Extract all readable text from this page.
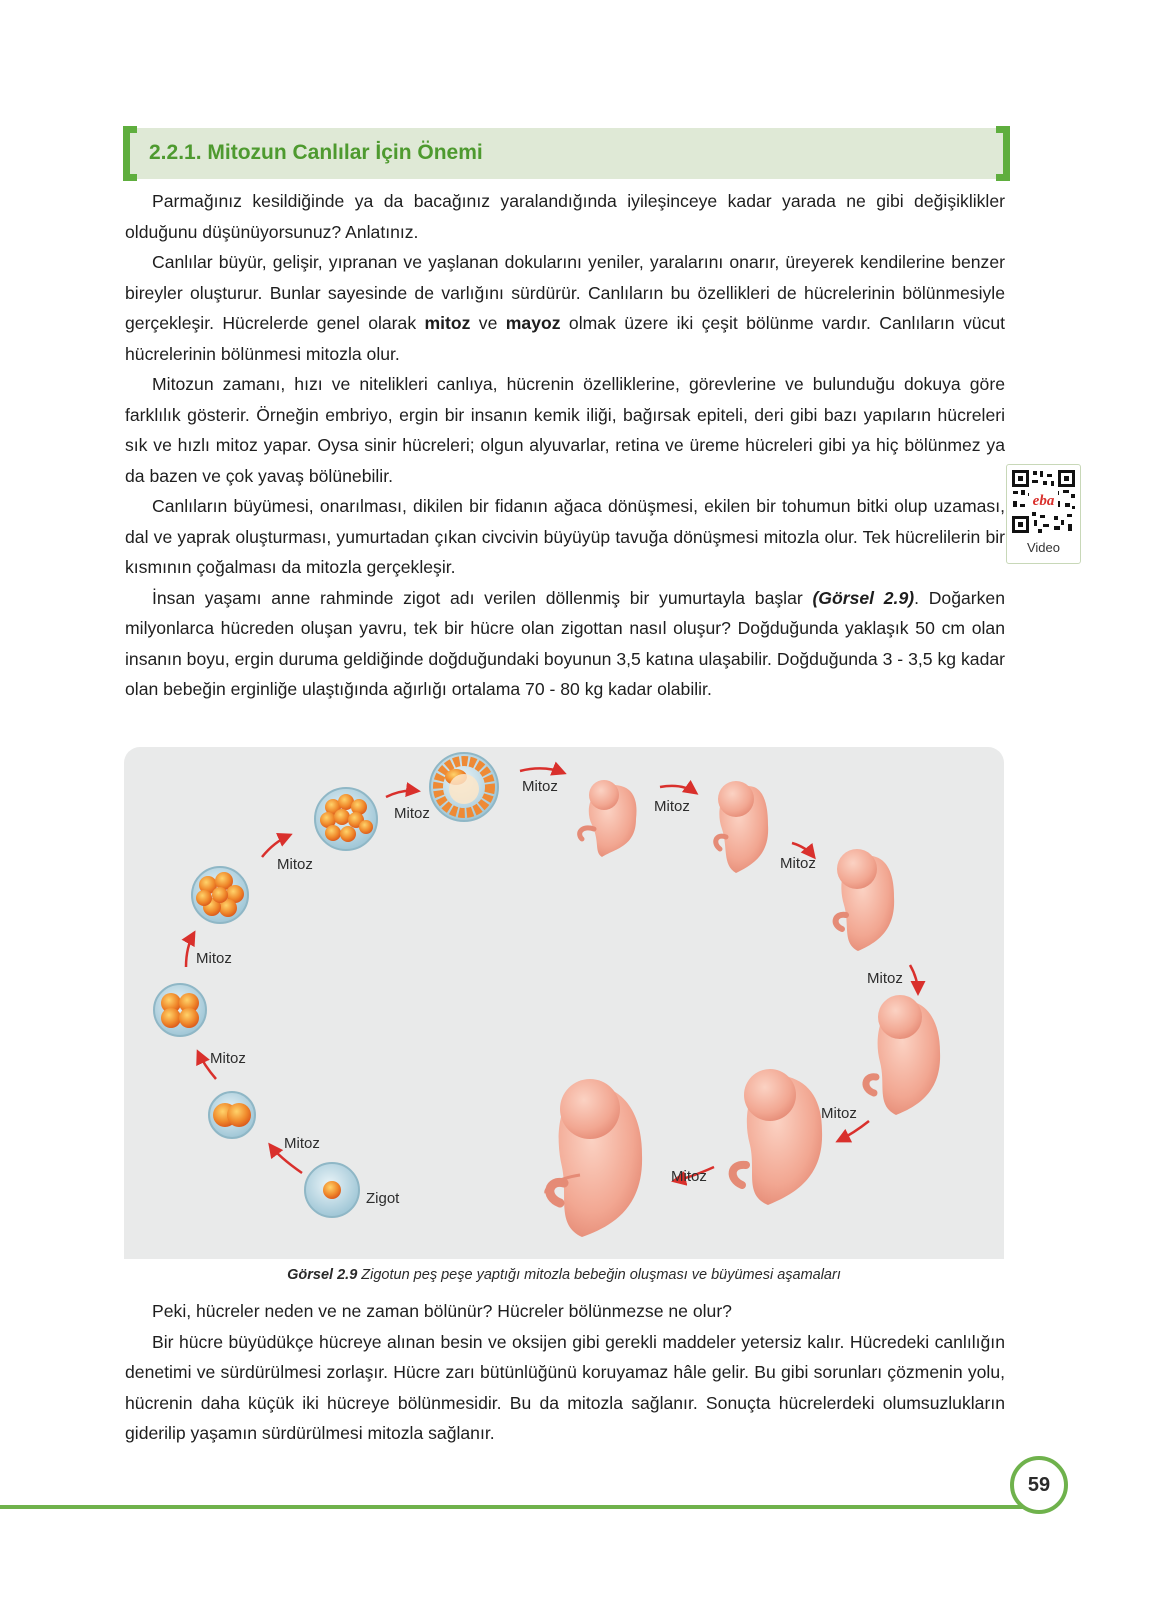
2.2.1. Mitozun Canlılar İçin Önemi

Parmağınız kesildiğinde ya da bacağınız yaralandığında iyileşinceye kadar yarada ne gibi değişiklikler olduğunu düşünüyorsunuz? Anlatınız.

Canlılar büyür, gelişir, yıpranan ve yaşlanan dokularını yeniler, yaralarını onarır, üreyerek kendilerine benzer bireyler oluşturur. Bunlar sayesinde de varlığını sürdürür. Canlıların bu özellikleri de hücrelerinin bölünmesiyle gerçekleşir. Hücrelerde genel olarak mitoz ve mayoz olmak üzere iki çeşit bölünme vardır. Canlıların vücut hücrelerinin bölünmesi mitozla olur.

Mitozun zamanı, hızı ve nitelikleri canlıya, hücrenin özelliklerine, görevlerine ve bulunduğu dokuya göre farklılık gösterir. Örneğin embriyo, ergin bir insanın kemik iliği, bağırsak epiteli, deri gibi bazı yapıların hücreleri sık ve hızlı mitoz yapar. Oysa sinir hücreleri; olgun alyuvarlar, retina ve üreme hücreleri gibi ya hiç bölünmez ya da bazen ve çok yavaş bölünebilir.

Canlıların büyümesi, onarılması, dikilen bir fidanın ağaca dönüşmesi, ekilen bir tohumun bitki olup uzaması, dal ve yaprak oluşturması, yumurtadan çıkan civcivin büyüyüp tavuğa dönüşmesi mitozla olur. Tek hücrelilerin bir kısmının çoğalması da mitozla gerçekleşir.

İnsan yaşamı anne rahminde zigot adı verilen döllenmiş bir yumurtayla başlar (Görsel 2.9). Doğarken milyonlarca hücreden oluşan yavru, tek bir hücre olan zigottan nasıl oluşur? Doğduğunda yaklaşık 50 cm olan insanın boyu, ergin duruma geldiğinde doğduğundaki boyunun 3,5 katına ulaşabilir. Doğduğunda 3 - 3,5 kg kadar olan bebeğin erginliğe ulaştığında ağırlığı ortalama 70 - 80 kg kadar olabilir.

eba
Video
Zigot
Mitoz
Mitoz
Mitoz
Mitoz
Mitoz
Mitoz
Mitoz
Mitoz
Mitoz
Mitoz
Mitoz
Görsel 2.9 Zigotun peş peşe yaptığı mitozla bebeğin oluşması ve büyümesi aşamaları

Peki, hücreler neden ve ne zaman bölünür? Hücreler bölünmezse ne olur?

Bir hücre büyüdükçe hücreye alınan besin ve oksijen gibi gerekli maddeler yetersiz kalır. Hücredeki canlılığın denetimi ve sürdürülmesi zorlaşır. Hücre zarı bütünlüğünü koruyamaz hâle gelir. Bu gibi sorunları çözmenin yolu, hücrenin daha küçük iki hücreye bölünmesidir. Bu da mitozla sağlanır. Sonuçta hücrelerdeki olumsuzlukların giderilip yaşamın sürdürülmesi mitozla sağlanır.

59
